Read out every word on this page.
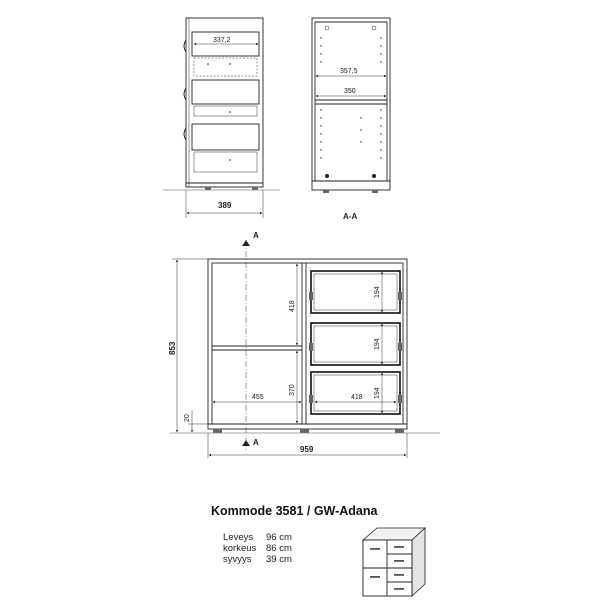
337,2
389
357,5
350
A-A
A
A
853
20
418
370
455	418
194
194
194
959
Kommode 3581 / GW-Adana
Leveys 96 cm
korkeus 86 cm
syvyys 39 cm
